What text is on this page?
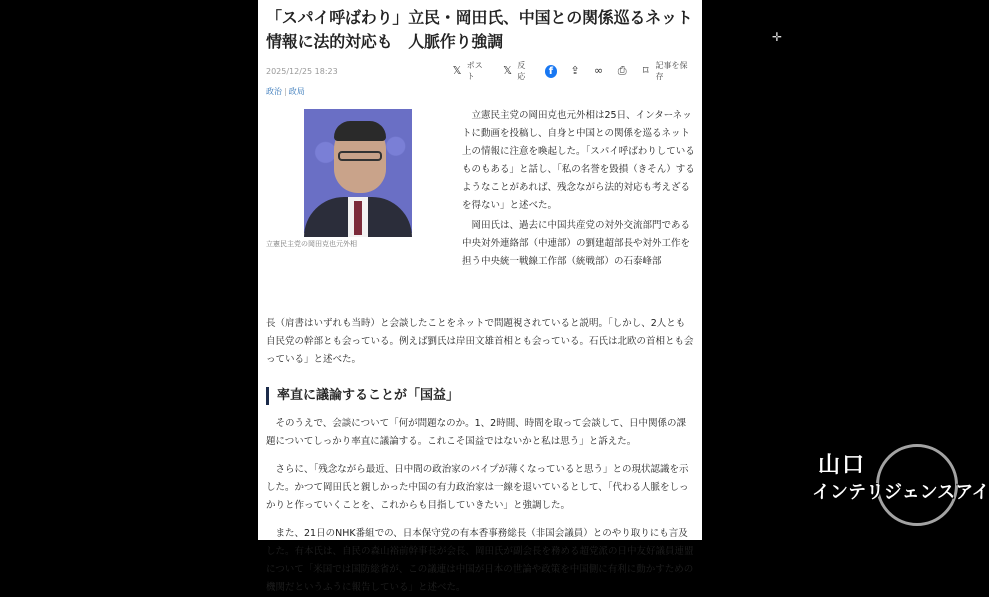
「スパイ呼ばわり」立民・岡田氏、中国との関係巡るネット情報に法的対応も　人脈作り強調
2025/12/25 18:23	𝕏 ポスト	𝕏 反応	f	⇪ ∞ ⎙ ⌑ 記事を保存
政治 | 政局
立憲民主党の岡田克也元外相

立憲民主党の岡田克也元外相は25日、インターネットに動画を投稿し、自身と中国との関係を巡るネット上の情報に注意を喚起した。「スパイ呼ばわりしているものもある」と話し、「私の名誉を毀損（きそん）するようなことがあれば、残念ながら法的対応も考えざるを得ない」と述べた。

岡田氏は、過去に中国共産党の対外交流部門である中央対外連絡部（中連部）の劉建超部長や対外工作を担う中央統一戦線工作部（統戦部）の石泰峰部

長（肩書はいずれも当時）と会談したことをネットで問題視されていると説明。「しかし、2人とも自民党の幹部とも会っている。例えば劉氏は岸田文雄首相とも会っている。石氏は北欧の首相とも会っている」と述べた。

率直に議論することが「国益」

そのうえで、会談について「何が問題なのか。1、2時間、時間を取って会談して、日中関係の課題についてしっかり率直に議論する。これこそ国益ではないかと私は思う」と訴えた。

さらに、「残念ながら最近、日中間の政治家のパイプが薄くなっていると思う」との現状認識を示した。かつて岡田氏と親しかった中国の有力政治家は一線を退いているとして、「代わる人脈をしっかりと作っていくことを、これからも目指していきたい」と強調した。

また、21日のNHK番組での、日本保守党の有本香事務総長（非国会議員）とのやり取りにも言及した。有本氏は、自民の森山裕前幹事長が会長、岡田氏が副会長を務める超党派の日中友好議員連盟について「米国では国防総省が、この議連は中国が日本の世論や政策を中国側に有利に動かすための機関だというふうに報告している」と述べた。

✛
山口
インテリジェンスアイ
